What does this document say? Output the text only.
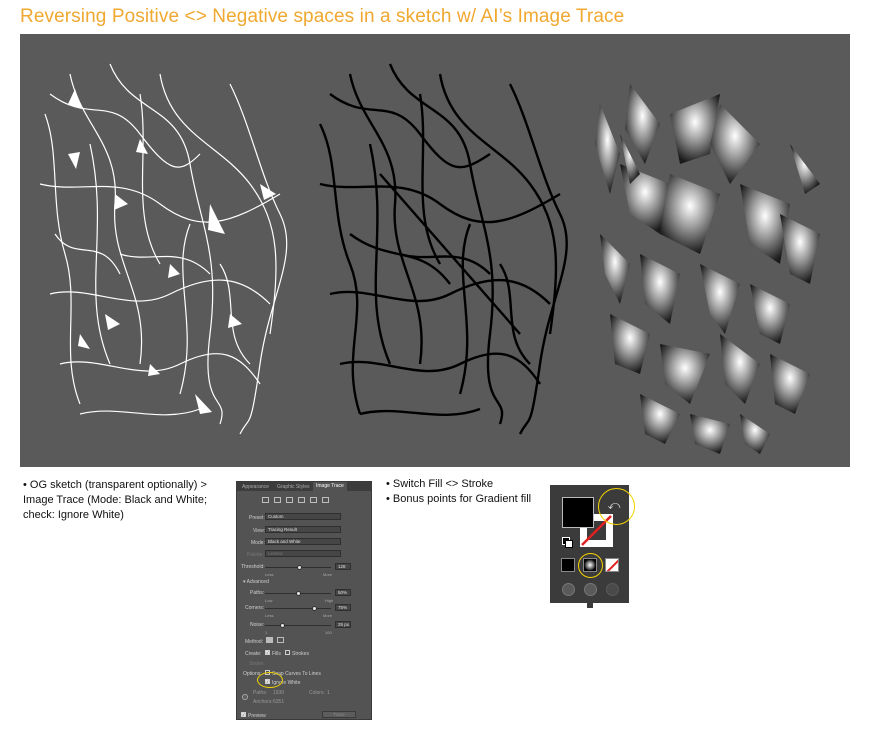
Reversing Positive <> Negative spaces in a sketch w/ AI’s Image Trace
• OG sketch (transparent optionally) >
Image Trace (Mode: Black and White;
check: Ignore White)
Appearance Graphic Styles	Image Trace
Preset: Custom
View: Tracing Result
Mode: Black and White
Palette: Limited
Threshold:	128
Less	More
▾ Advanced
Paths:	50%
Low	High
Corners:	75%
Less	More
Noise:	25 px
1	100
Method:
Create: ✓ Fills Strokes
Stroke:
Options: Snap Curves To Lines
✓ Ignore White
i
Paths: 1930	Colors: 1
Anchors: 6351
✓ Preview	Trace
• Switch Fill <> Stroke
• Bonus points for Gradient fill	⤺
